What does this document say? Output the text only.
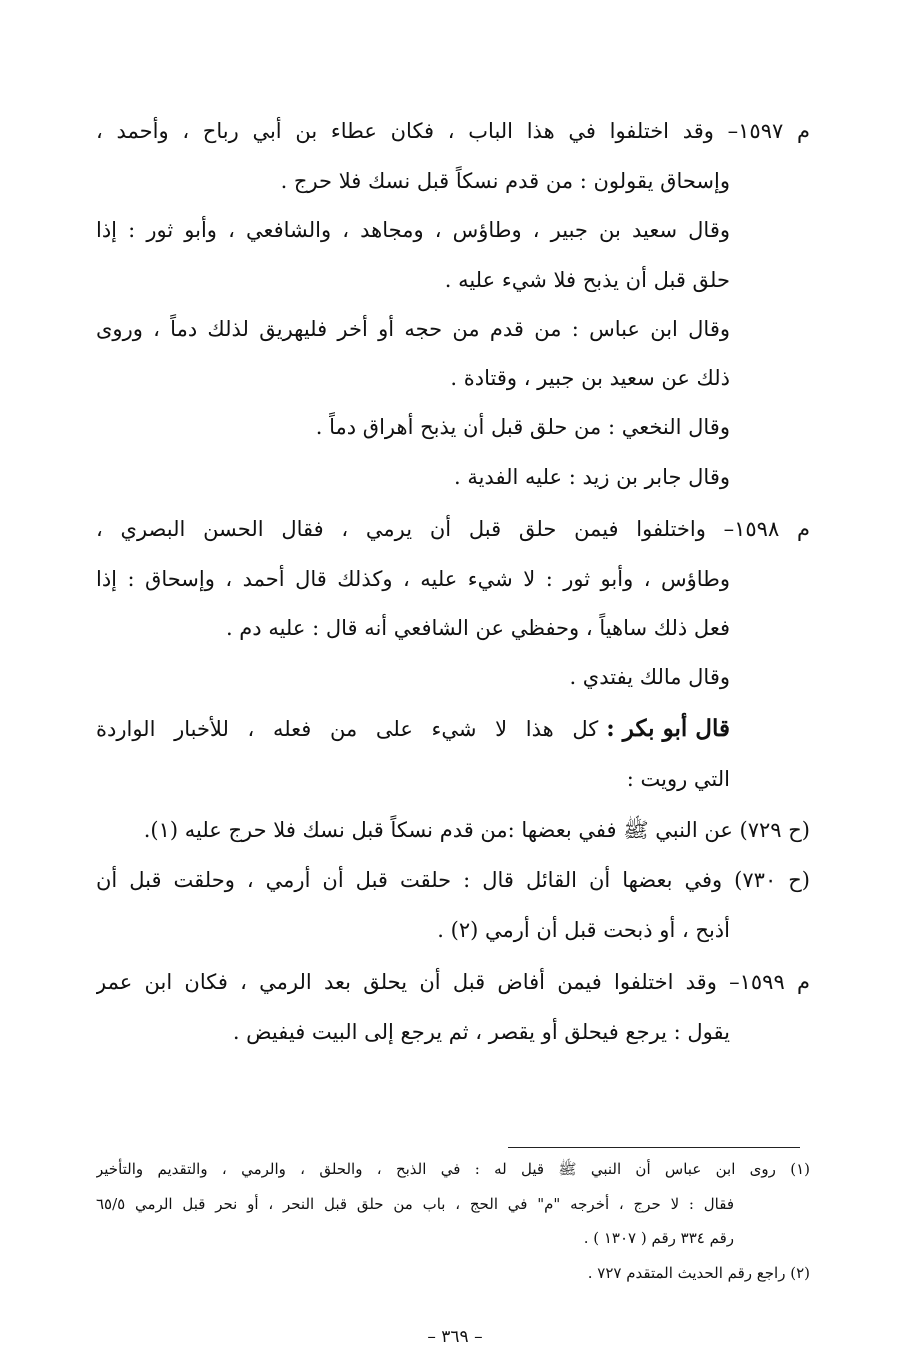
م ١٥٩٧– وقد اختلفوا في هذا الباب ، فكان عطاء بن أبي رباح ، وأحمد ،
وإسحاق يقولون : من قدم نسكاً قبل نسك فلا حرج .
وقال سعيد بن جبير ، وطاؤس ، ومجاهد ، والشافعي ، وأبو ثور : إذا
حلق قبل أن يذبح فلا شيء عليه .
وقال ابن عباس : من قدم من حجه أو أخر فليهريق لذلك دماً ، وروى
ذلك عن سعيد بن جبير ، وقتادة .
وقال النخعي : من حلق قبل أن يذبح أهراق دماً .
وقال جابر بن زيد : عليه الفدية .
م ١٥٩٨– واختلفوا فيمن حلق قبل أن يرمي ، فقال الحسن البصري ،
وطاؤس ، وأبو ثور : لا شيء عليه ، وكذلك قال أحمد ، وإسحاق : إذا
فعل ذلك ساهياً ، وحفظي عن الشافعي أنه قال : عليه دم .
وقال مالك يفتدي .
قال أبو بكر :
كل هذا لا شيء على من فعله ، للأخبار الواردة
التي رويت :
(ح ٧٢٩) عن النبي ﷺ ففي بعضها :من قدم نسكاً قبل نسك فلا حرج عليه (١).
(ح ٧٣٠) وفي بعضها أن القائل قال : حلقت قبل أن أرمي ، وحلقت قبل أن
أذبح ، أو ذبحت قبل أن أرمي (٢) .
م ١٥٩٩– وقد اختلفوا فيمن أفاض قبل أن يحلق بعد الرمي ، فكان ابن عمر
يقول : يرجع فيحلق أو يقصر ، ثم يرجع إلى البيت فيفيض .
(١) روى ابن عباس أن النبي ﷺ قيل له : في الذبح ، والحلق ، والرمي ، والتقديم والتأخير
فقال : لا حرج ، أخرجه "م" في الحج ، باب من حلق قبل النحر ، أو نحر قبل الرمي ٦٥/٥
رقم ٣٣٤ رقم ( ١٣٠٧ ) .
(٢) راجع رقم الحديث المتقدم ٧٢٧ .
– ٣٦٩ –
